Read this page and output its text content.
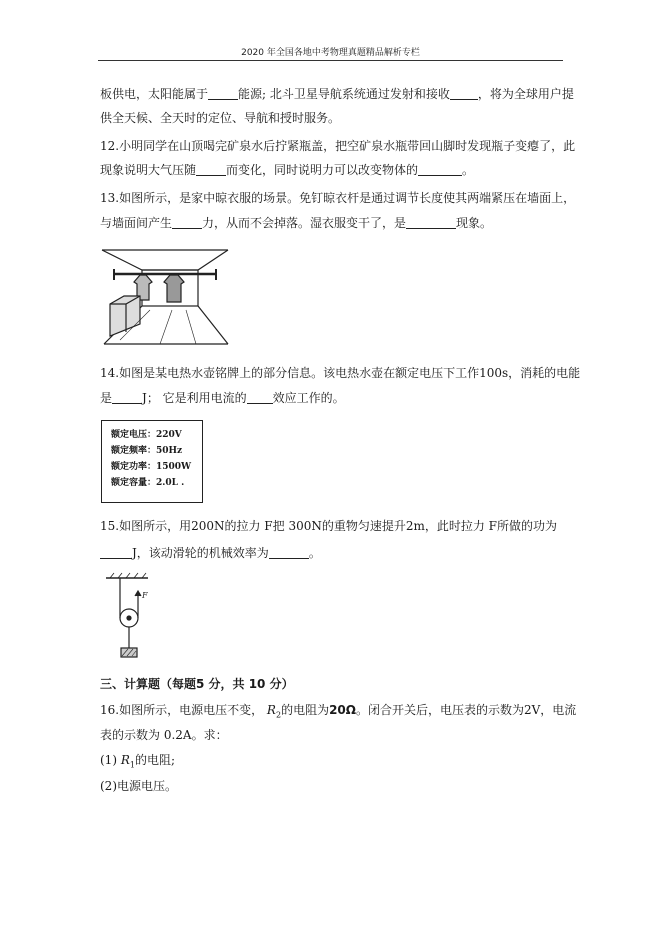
2020 年全国各地中考物理真题精品解析专栏
板供电，太阳能属于	能源; 北斗卫星导航系统通过发射和接收 ，将为全球用户提
供全天候、全天时的定位、导航和授时服务。
12.小明同学在山顶喝完矿泉水后拧紧瓶盖，把空矿泉水瓶带回山脚时发现瓶子变瘪了，此
现象说明大气压随	而变化，同时说明力可以改变物体的	。
13.如图所示，是家中晾衣服的场景。免钉晾衣杆是通过调节长度使其两端紧压在墙面上，
与墙面间产生	力，从而不会掉落。湿衣服变干了，是	现象。
14.如图是某电热水壶铭牌上的部分信息。该电热水壶在额定电压下工作100s，消耗的电能
是	J； 它是利用电流的 效应工作的。
额定电压：220V
额定频率：50Hz
额定功率：1500W
额定容量：2.0L .
15.如图所示，用200N的拉力 F把 300N的重物匀速提升2m，此时拉力 F所做的功为
J，该动滑轮的机械效率为	。
F
三、计算题（每题5 分，共 10 分）
16.如图所示，电源电压不变， $R_2$的电阻为20Ω。闭合开关后，电压表的示数为2V，电流
表的示数为 0.2A。求：
(1) $R_1$的电阻;
(2)电源电压。
